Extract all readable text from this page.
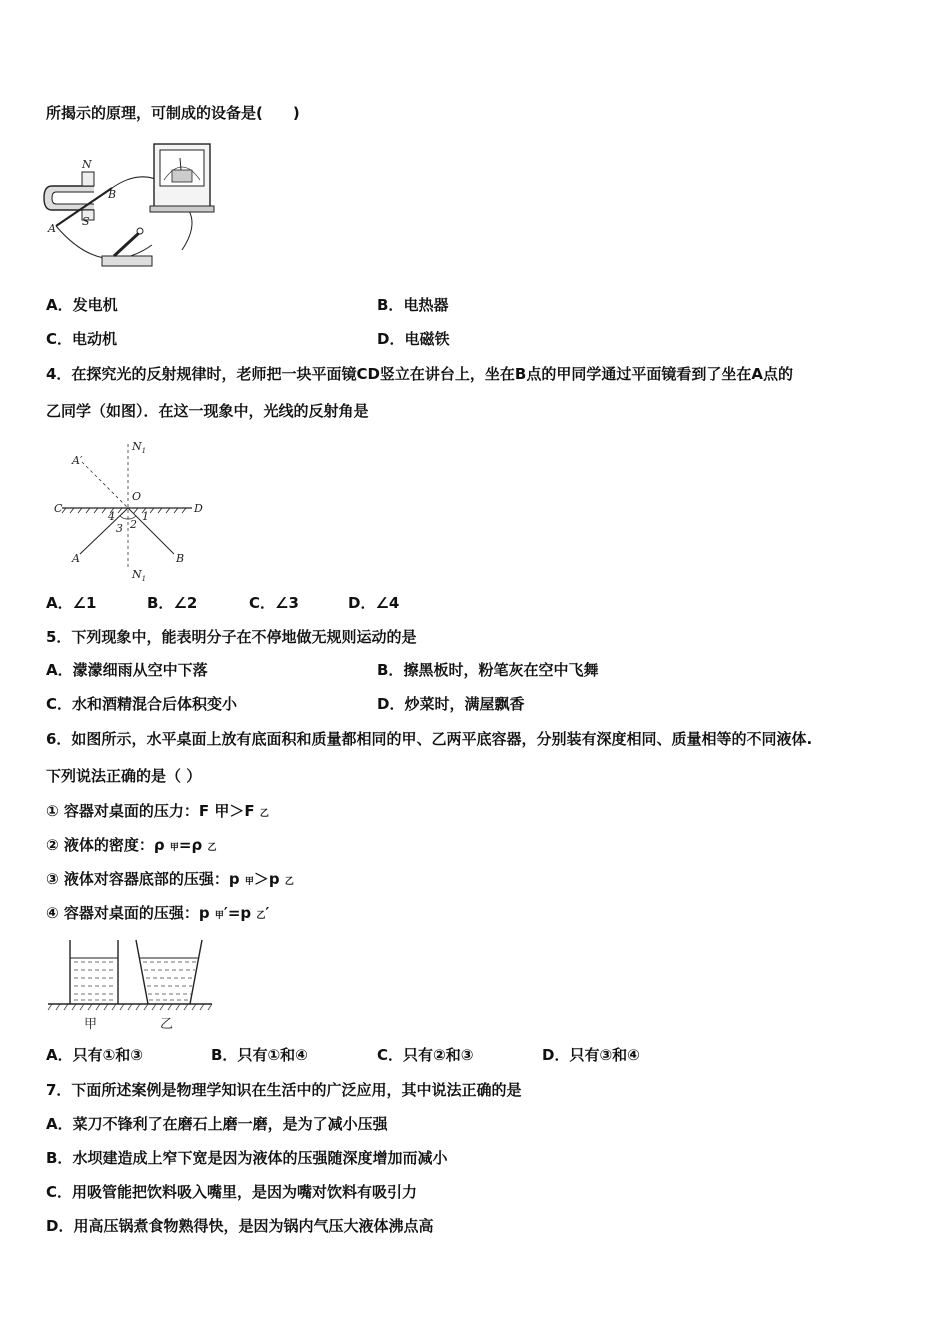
所揭示的原理，可制成的设备是(　　)
N
S
A
B
A．发电机	B．电热器
C．电动机	D．电磁铁
4．在探究光的反射规律时，老师把一块平面镜CD竖立在讲台上，坐在B点的甲同学通过平面镜看到了坐在A点的
乙同学（如图）．在这一现象中，光线的反射角是
$N_1$
$N_1$
A′
O
C	D
A	B
1
2
3
4
A．∠1	B．∠2	C．∠3	D．∠4
5．下列现象中，能表明分子在不停地做无规则运动的是
A．濛濛细雨从空中下落	B．擦黑板时，粉笔灰在空中飞舞
C．水和酒精混合后体积变小	D．炒菜时，满屋飘香
6．如图所示，水平桌面上放有底面积和质量都相同的甲、乙两平底容器，分别装有深度相同、质量相等的不同液体.
下列说法正确的是（ ）
① 容器对桌面的压力：F 甲＞F 乙
② 液体的密度：ρ 甲=ρ 乙
③ 液体对容器底部的压强：p 甲＞p 乙
④ 容器对桌面的压强：p 甲′=p 乙′
甲	乙
A．只有①和③	B．只有①和④	C．只有②和③	D．只有③和④
7．下面所述案例是物理学知识在生活中的广泛应用，其中说法正确的是
A．菜刀不锋利了在磨石上磨一磨，是为了减小压强
B．水坝建造成上窄下宽是因为液体的压强随深度增加而减小
C．用吸管能把饮料吸入嘴里，是因为嘴对饮料有吸引力
D．用高压锅煮食物熟得快，是因为锅内气压大液体沸点高
